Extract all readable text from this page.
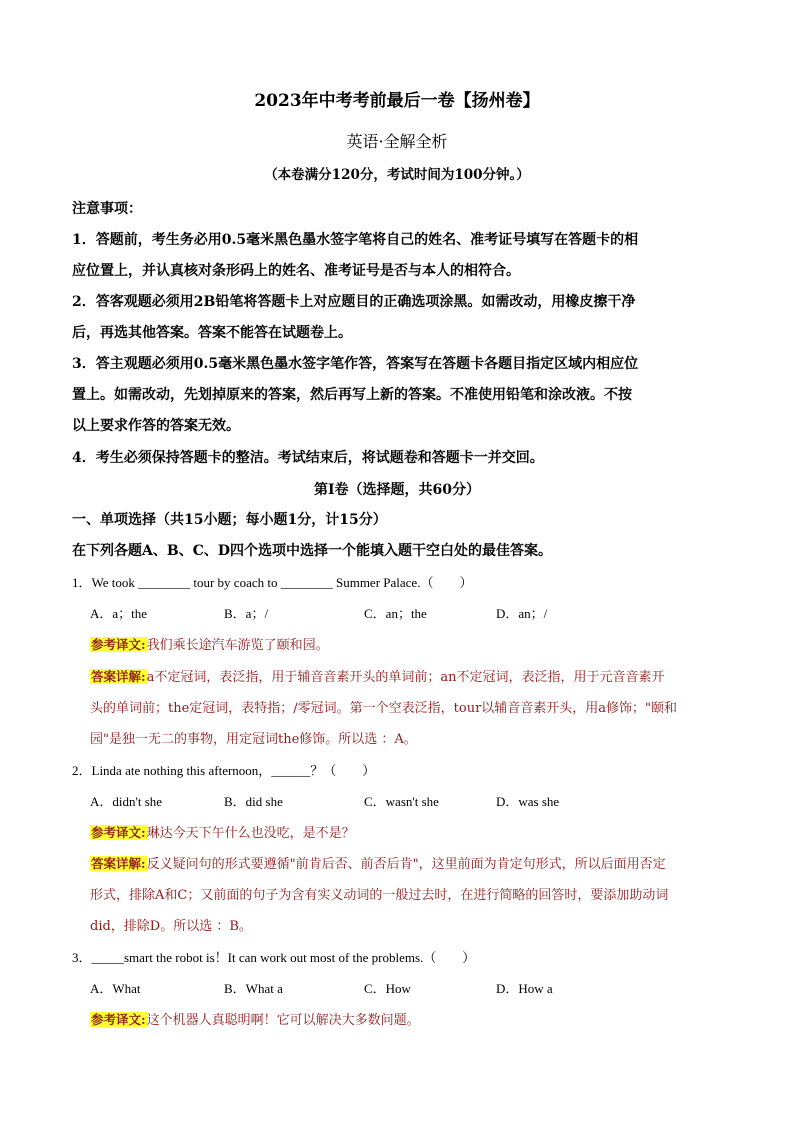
2023年中考考前最后一卷【扬州卷】
英语·全解全析
（本卷满分120分，考试时间为100分钟。）
注意事项：
1．答题前，考生务必用0.5毫米黑色墨水签字笔将自己的姓名、准考证号填写在答题卡的相
应位置上，并认真核对条形码上的姓名、准考证号是否与本人的相符合。
2．答客观题必须用2B铅笔将答题卡上对应题目的正确选项涂黑。如需改动，用橡皮擦干净
后，再选其他答案。答案不能答在试题卷上。
3．答主观题必须用0.5毫米黑色墨水签字笔作答，答案写在答题卡各题目指定区域内相应位
置上。如需改动，先划掉原来的答案，然后再写上新的答案。不准使用铅笔和涂改液。不按
以上要求作答的答案无效。
4．考生必须保持答题卡的整洁。考试结束后，将试题卷和答题卡一并交回。
第Ⅰ卷（选择题，共60分）
一、单项选择（共15小题；每小题1分，计15分）
在下列各题A、B、C、D四个选项中选择一个能填入题干空白处的最佳答案。
1．We took ________ tour by coach to ________ Summer Palace.（　　）
A．a；the	B．a；/	C．an；the	D．an；/
参考译文:我们乘长途汽车游览了颐和园。
答案详解:a不定冠词，表泛指，用于辅音音素开头的单词前；an不定冠词，表泛指，用于元音音素开
头的单词前；the定冠词，表特指；/零冠词。第一个空表泛指，tour以辅音音素开头，用a修饰；"颐和
园"是独一无二的事物，用定冠词the修饰。所以选 ：A。
2．Linda ate nothing this afternoon，______？（　　）
A．didn't she	B．did she	C．wasn't she	D．was she
参考译文:琳达今天下午什么也没吃，是不是？
答案详解:反义疑问句的形式要遵循"前肯后否、前否后肯"，这里前面为肯定句形式，所以后面用否定
形式，排除A和C；又前面的句子为含有实义动词的一般过去时，在进行简略的回答时，要添加助动词
did，排除D。所以选 ：B。
3．_____smart the robot is！It can work out most of the problems.（　　）
A．What	B．What a	C．How	D．How a
参考译文:这个机器人真聪明啊！它可以解决大多数问题。
